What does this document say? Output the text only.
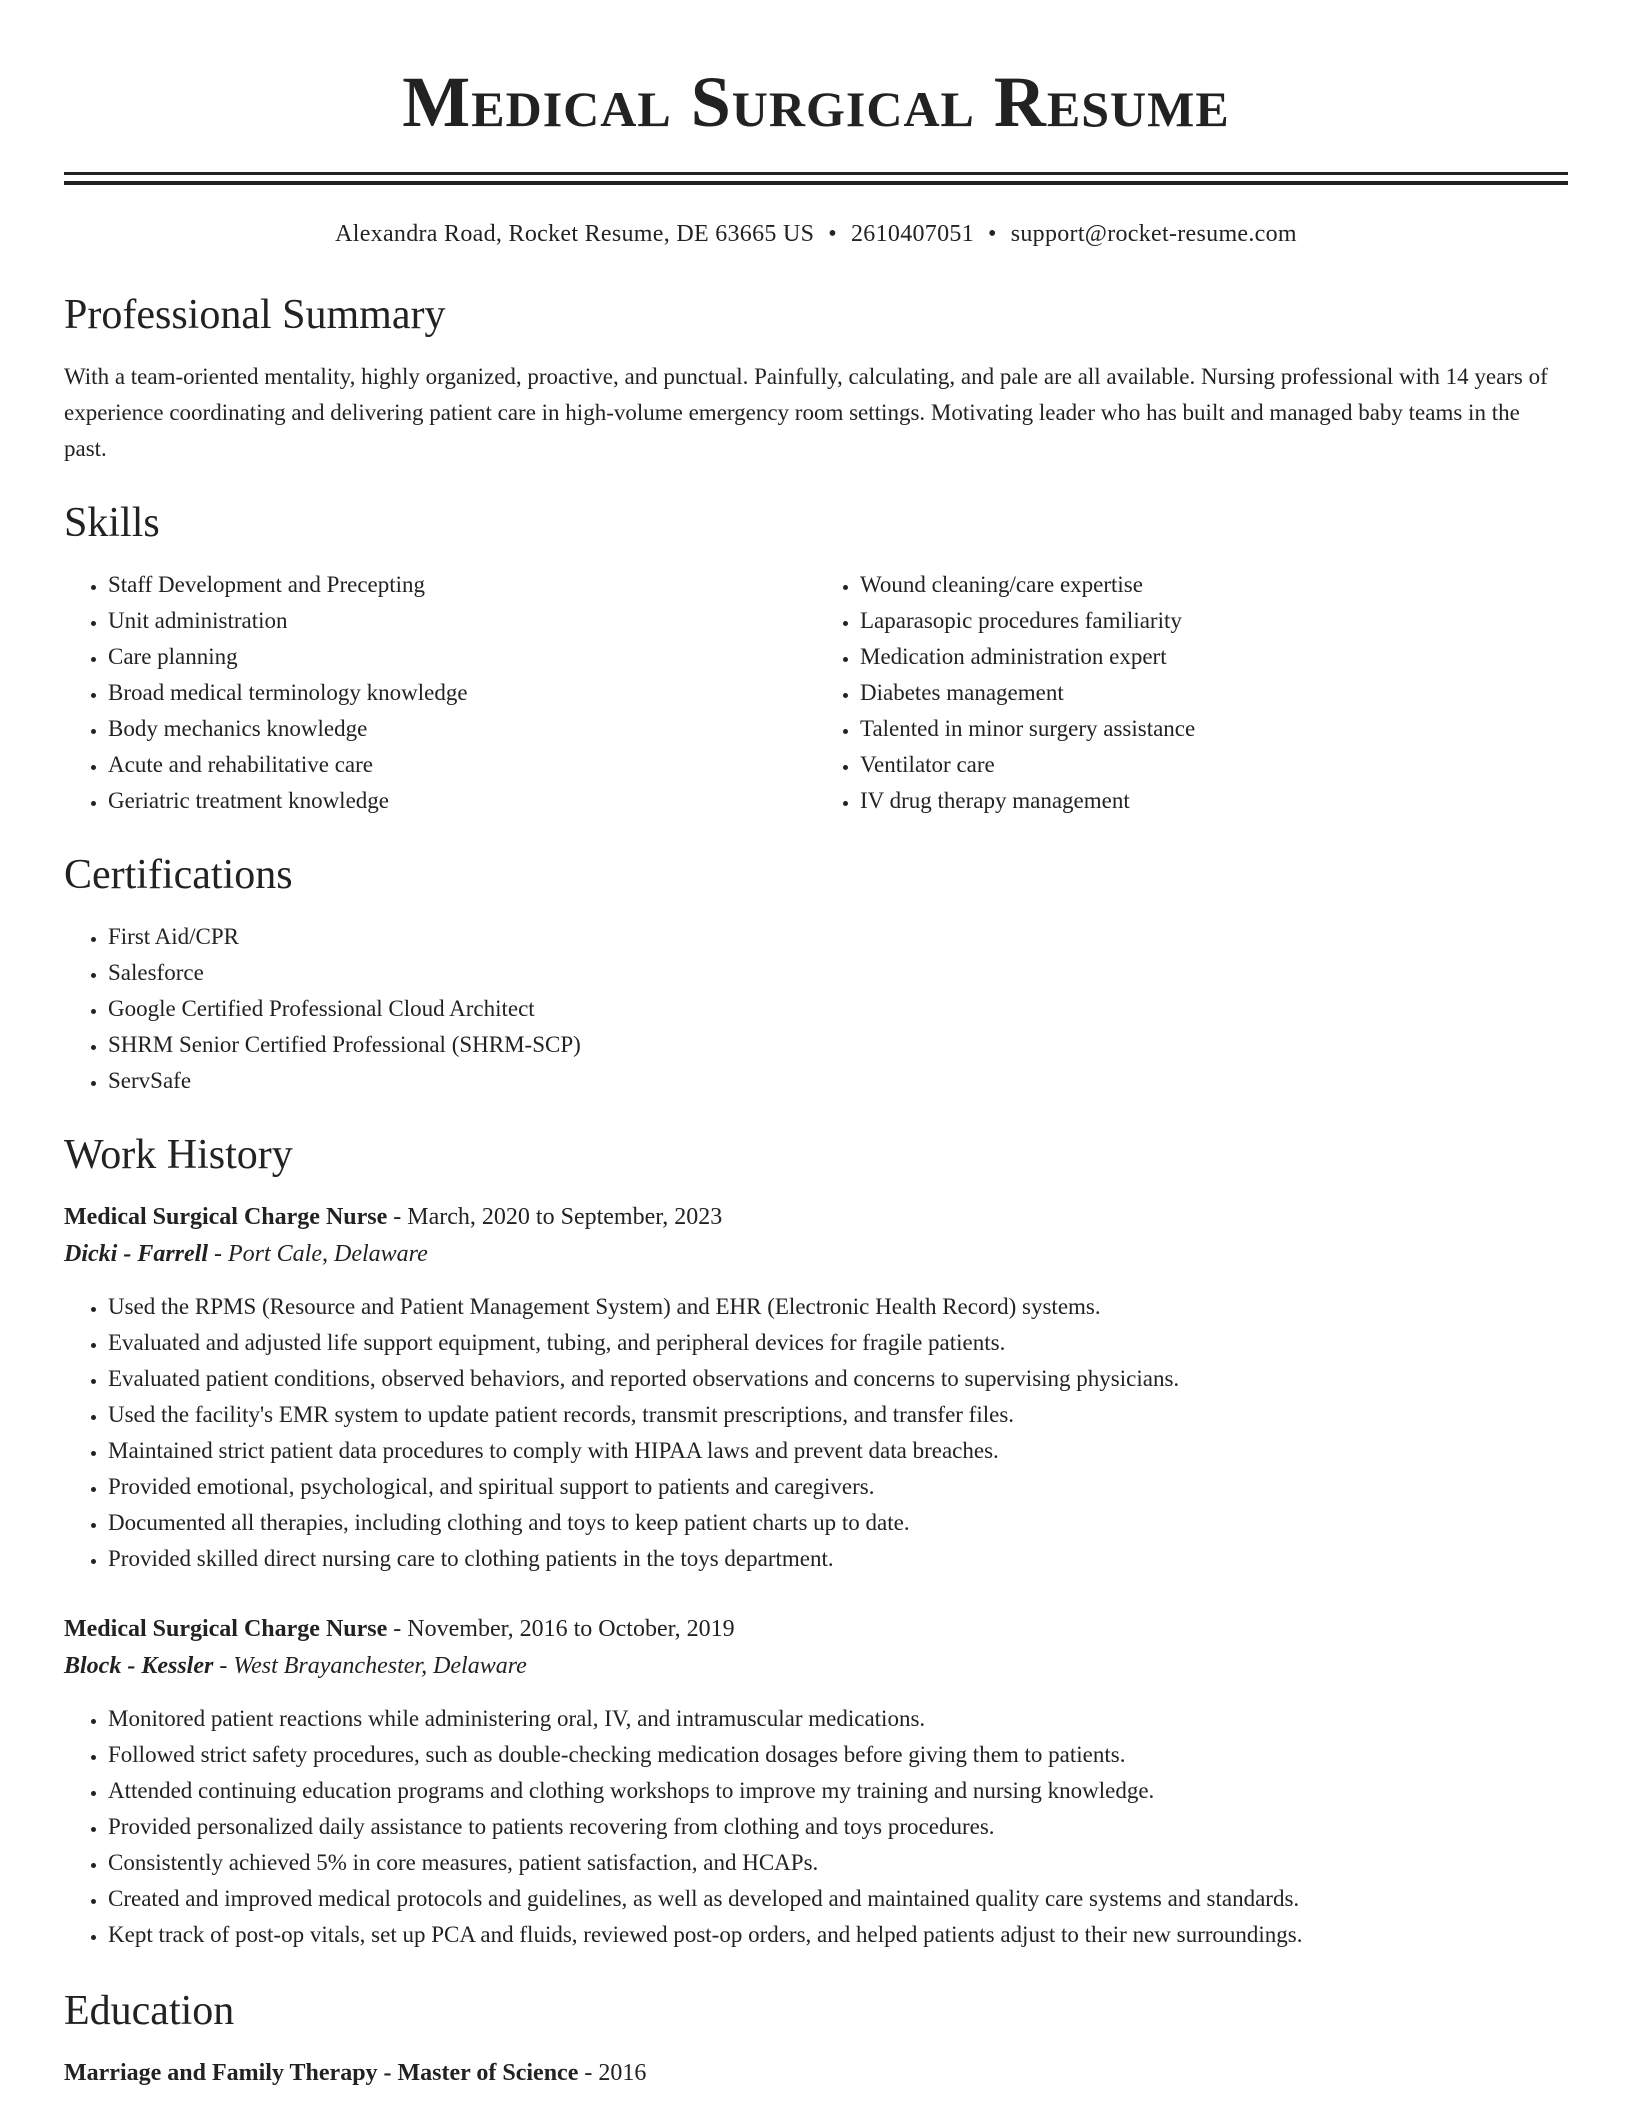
Medical Surgical Resume
Alexandra Road, Rocket Resume, DE 63665 US • 2610407051 • support@rocket-resume.com
Professional Summary

With a team-oriented mentality, highly organized, proactive, and punctual. Painfully, calculating, and pale are all available. Nursing professional with 14 years of experience coordinating and delivering patient care in high-volume emergency room settings. Motivating leader who has built and managed baby teams in the past.

Skills
• Staff Development and Precepting
• Unit administration
• Care planning
• Broad medical terminology knowledge
• Body mechanics knowledge
• Acute and rehabilitative care
• Geriatric treatment knowledge
• Wound cleaning/care expertise
• Laparasopic procedures familiarity
• Medication administration expert
• Diabetes management
• Talented in minor surgery assistance
• Ventilator care
• IV drug therapy management
Certifications
• First Aid/CPR
• Salesforce
• Google Certified Professional Cloud Architect
• SHRM Senior Certified Professional (SHRM-SCP)
• ServSafe
Work History
Medical Surgical Charge Nurse - March, 2020 to September, 2023
Dicki - Farrell - Port Cale, Delaware
• Used the RPMS (Resource and Patient Management System) and EHR (Electronic Health Record) systems.
• Evaluated and adjusted life support equipment, tubing, and peripheral devices for fragile patients.
• Evaluated patient conditions, observed behaviors, and reported observations and concerns to supervising physicians.
• Used the facility's EMR system to update patient records, transmit prescriptions, and transfer files.
• Maintained strict patient data procedures to comply with HIPAA laws and prevent data breaches.
• Provided emotional, psychological, and spiritual support to patients and caregivers.
• Documented all therapies, including clothing and toys to keep patient charts up to date.
• Provided skilled direct nursing care to clothing patients in the toys department.
Medical Surgical Charge Nurse - November, 2016 to October, 2019
Block - Kessler - West Brayanchester, Delaware
• Monitored patient reactions while administering oral, IV, and intramuscular medications.
• Followed strict safety procedures, such as double-checking medication dosages before giving them to patients.
• Attended continuing education programs and clothing workshops to improve my training and nursing knowledge.
• Provided personalized daily assistance to patients recovering from clothing and toys procedures.
• Consistently achieved 5% in core measures, patient satisfaction, and HCAPs.
• Created and improved medical protocols and guidelines, as well as developed and maintained quality care systems and standards.
• Kept track of post-op vitals, set up PCA and fluids, reviewed post-op orders, and helped patients adjust to their new surroundings.
Education
Marriage and Family Therapy - Master of Science - 2016
